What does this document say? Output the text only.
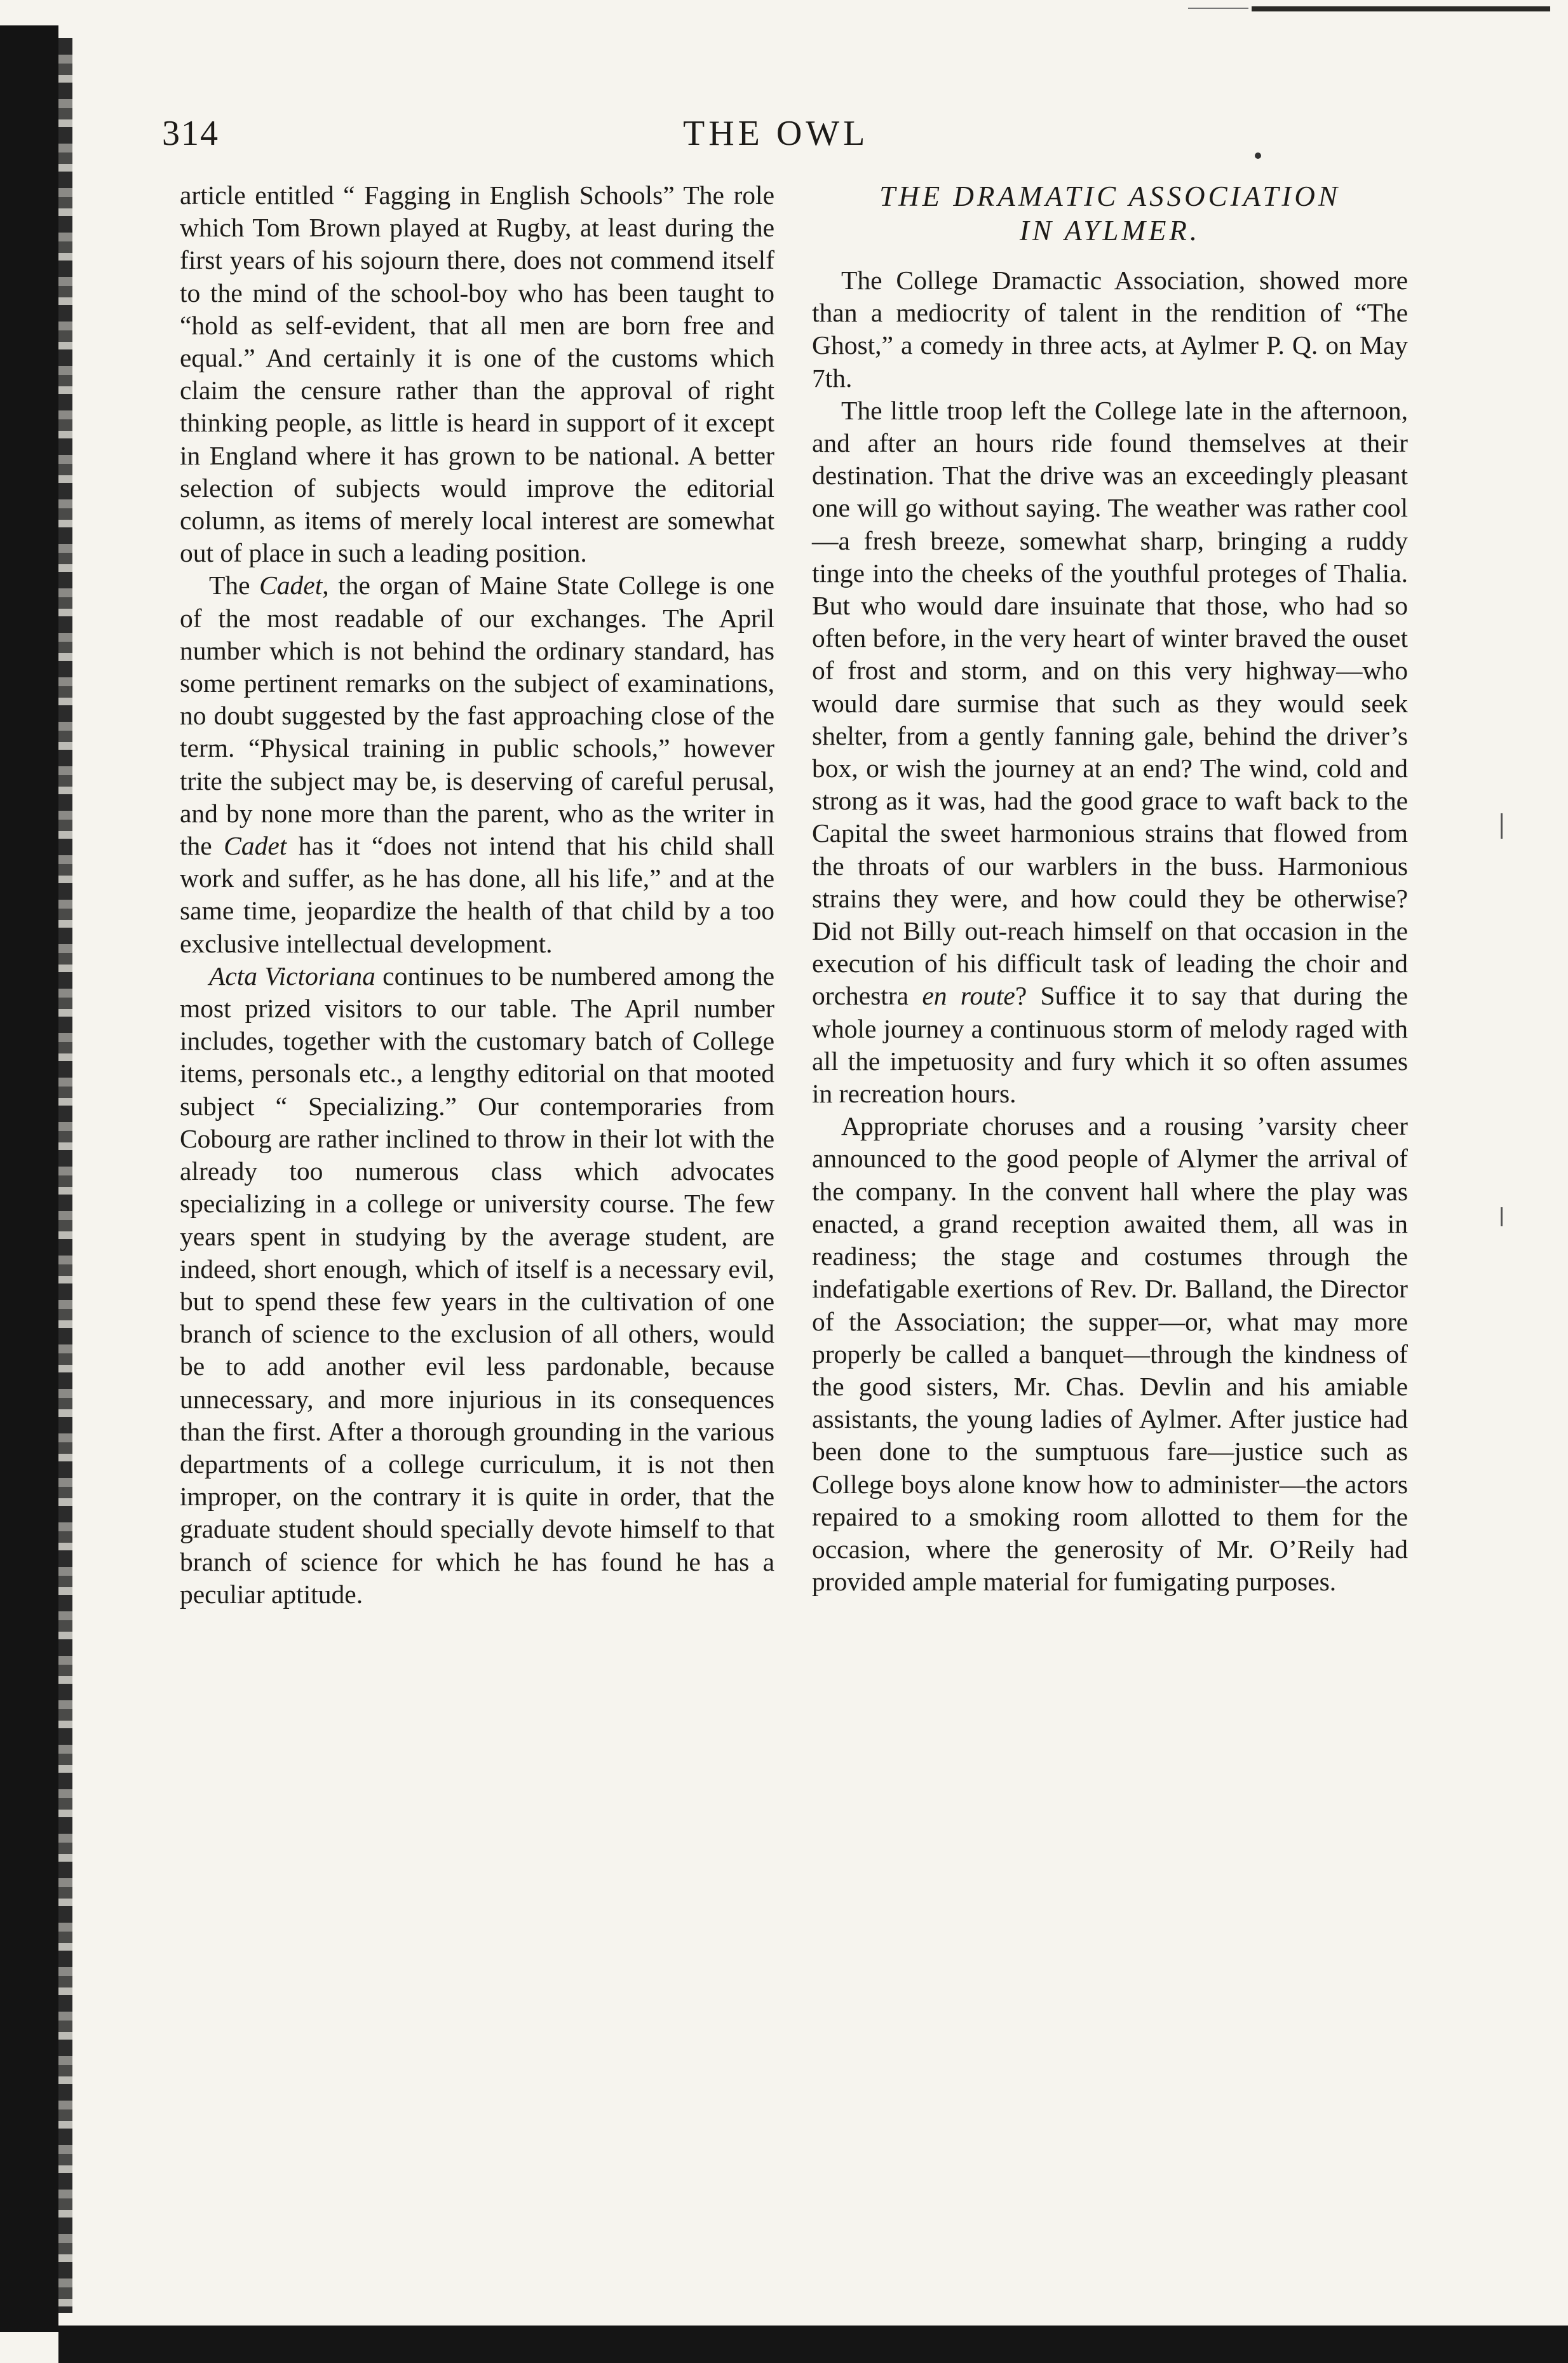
314	THE OWL

article entitled “ Fagging in English Schools” The role which Tom Brown played at Rugby, at least during the first years of his sojourn there, does not commend itself to the mind of the school-boy who has been taught to “hold as self-evident, that all men are born free and equal.” And certainly it is one of the customs which claim the censure rather than the approval of right thinking people, as little is heard in support of it except in England where it has grown to be national. A better selection of subjects would improve the editorial column, as items of merely local interest are somewhat out of place in such a leading position.

The Cadet, the organ of Maine State College is one of the most readable of our exchanges. The April number which is not behind the ordinary standard, has some pertinent remarks on the subject of examinations, no doubt suggested by the fast approaching close of the term. “Physical training in public schools,” however trite the subject may be, is deserving of careful perusal, and by none more than the parent, who as the writer in the Cadet has it “does not intend that his child shall work and suffer, as he has done, all his life,” and at the same time, jeopardize the health of that child by a too exclusive intellectual development.

Acta Victoriana continues to be numbered among the most prized visitors to our table. The April number includes, together with the customary batch of College items, personals etc., a lengthy editorial on that mooted subject “ Specializing.” Our contemporaries from Cobourg are rather inclined to throw in their lot with the already too numerous class which advocates specializing in a college or university course. The few years spent in studying by the average student, are indeed, short enough, which of itself is a necessary evil, but to spend these few years in the cultivation of one branch of science to the exclusion of all others, would be to add another evil less pardonable, because unnecessary, and more injurious in its consequences than the first. After a thorough grounding in the various departments of a college curriculum, it is not then improper, on the contrary it is quite in order, that the graduate student should specially devote himself to that branch of science for which he has found he has a peculiar aptitude.

THE DRAMATIC ASSOCIATION
IN AYLMER.

The College Dramactic Association, showed more than a mediocrity of talent in the rendition of “The Ghost,” a comedy in three acts, at Aylmer P. Q. on May 7th.

The little troop left the College late in the afternoon, and after an hours ride found themselves at their destination. That the drive was an exceedingly pleasant one will go without saying. The weather was rather cool—a fresh breeze, somewhat sharp, bringing a ruddy tinge into the cheeks of the youthful proteges of Thalia. But who would dare insuinate that those, who had so often before, in the very heart of winter braved the ouset of frost and storm, and on this very highway—who would dare surmise that such as they would seek shelter, from a gently fanning gale, behind the driver’s box, or wish the journey at an end? The wind, cold and strong as it was, had the good grace to waft back to the Capital the sweet harmonious strains that flowed from the throats of our warblers in the buss. Harmonious strains they were, and how could they be otherwise? Did not Billy out-reach himself on that occasion in the execution of his difficult task of leading the choir and orchestra en route? Suffice it to say that during the whole journey a continuous storm of melody raged with all the impetuosity and fury which it so often assumes in recreation hours.

Appropriate choruses and a rousing ’varsity cheer announced to the good people of Alymer the arrival of the company. In the convent hall where the play was enacted, a grand reception awaited them, all was in readiness; the stage and costumes through the indefatigable exertions of Rev. Dr. Balland, the Director of the Association; the supper—or, what may more properly be called a banquet—through the kindness of the good sisters, Mr. Chas. Devlin and his amiable assistants, the young ladies of Aylmer. After justice had been done to the sumptuous fare—justice such as College boys alone know how to administer—the actors repaired to a smoking room allotted to them for the occasion, where the generosity of Mr. O’Reily had provided ample material for fumigating purposes.
